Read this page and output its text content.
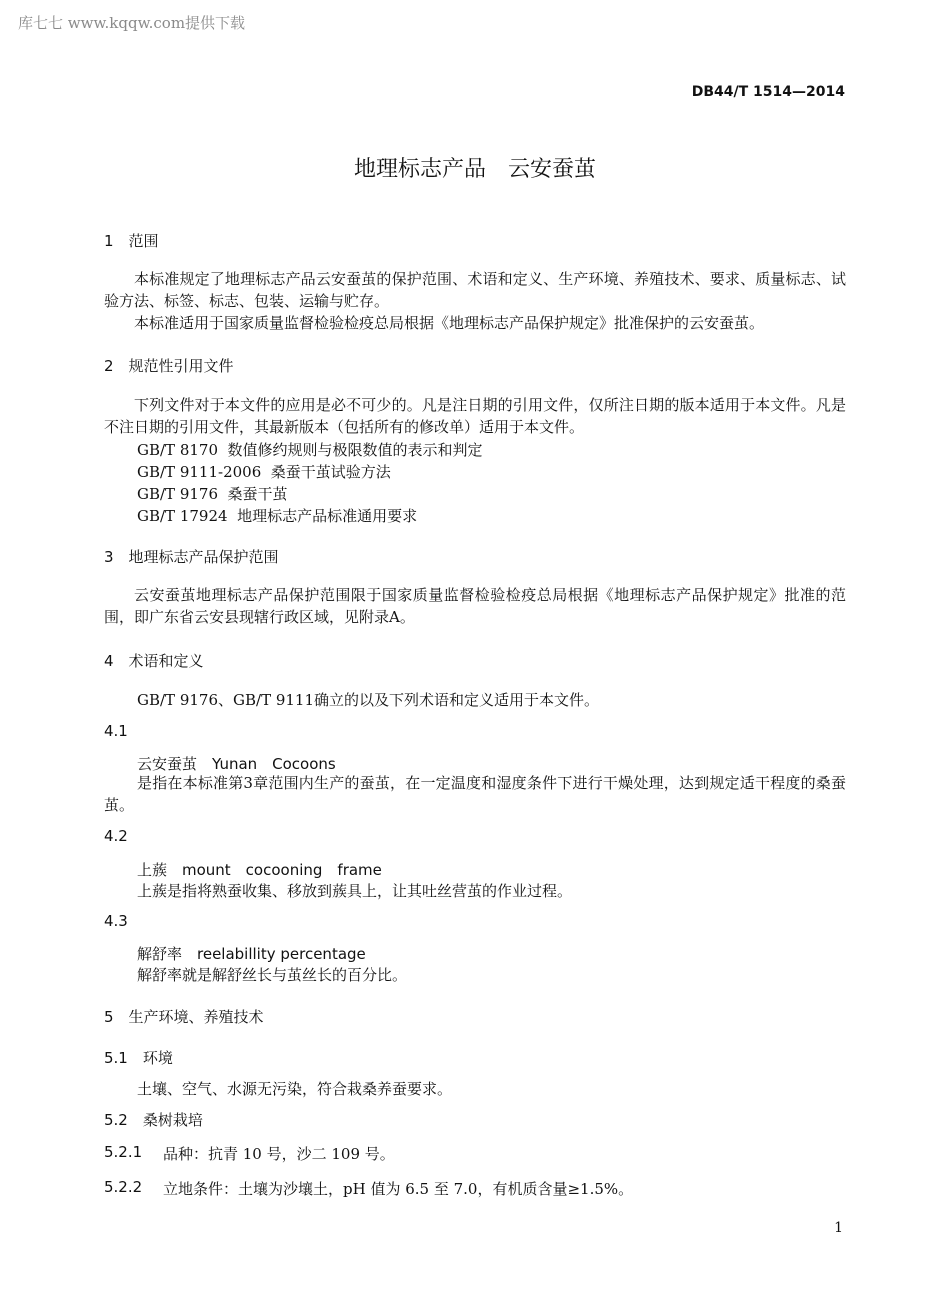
库七七 www.kqqw.com提供下载
DB44/T 1514—2014
地理标志产品　云安蚕茧
1　范围
本标准规定了地理标志产品云安蚕茧的保护范围、术语和定义、生产环境、养殖技术、要求、质量标志、试验方法、标签、标志、包装、运输与贮存。
本标准适用于国家质量监督检验检疫总局根据《地理标志产品保护规定》批准保护的云安蚕茧。
2　规范性引用文件
下列文件对于本文件的应用是必不可少的。凡是注日期的引用文件，仅所注日期的版本适用于本文件。凡是不注日期的引用文件，其最新版本（包括所有的修改单）适用于本文件。
GB/T 8170  数值修约规则与极限数值的表示和判定
GB/T 9111-2006  桑蚕干茧试验方法
GB/T 9176  桑蚕干茧
GB/T 17924  地理标志产品标准通用要求
3　地理标志产品保护范围
云安蚕茧地理标志产品保护范围限于国家质量监督检验检疫总局根据《地理标志产品保护规定》批准的范围，即广东省云安县现辖行政区域，见附录A。
4　术语和定义
GB/T 9176、GB/T 9111确立的以及下列术语和定义适用于本文件。
4.1
云安蚕茧　Yunan　Cocoons
是指在本标准第3章范围内生产的蚕茧，在一定温度和湿度条件下进行干燥处理，达到规定适干程度的桑蚕茧。
4.2
上蔟　mount　cocooning　frame
上蔟是指将熟蚕收集、移放到蔟具上，让其吐丝营茧的作业过程。
4.3
解舒率　reelabillity percentage
解舒率就是解舒丝长与茧丝长的百分比。
5　生产环境、养殖技术
5.1　环境
土壤、空气、水源无污染，符合栽桑养蚕要求。
5.2　桑树栽培
5.2.1 品种：抗青 10 号，沙二 109 号。
5.2.2 立地条件：土壤为沙壤土，pH 值为 6.5 至 7.0，有机质含量≥1.5%。
1
